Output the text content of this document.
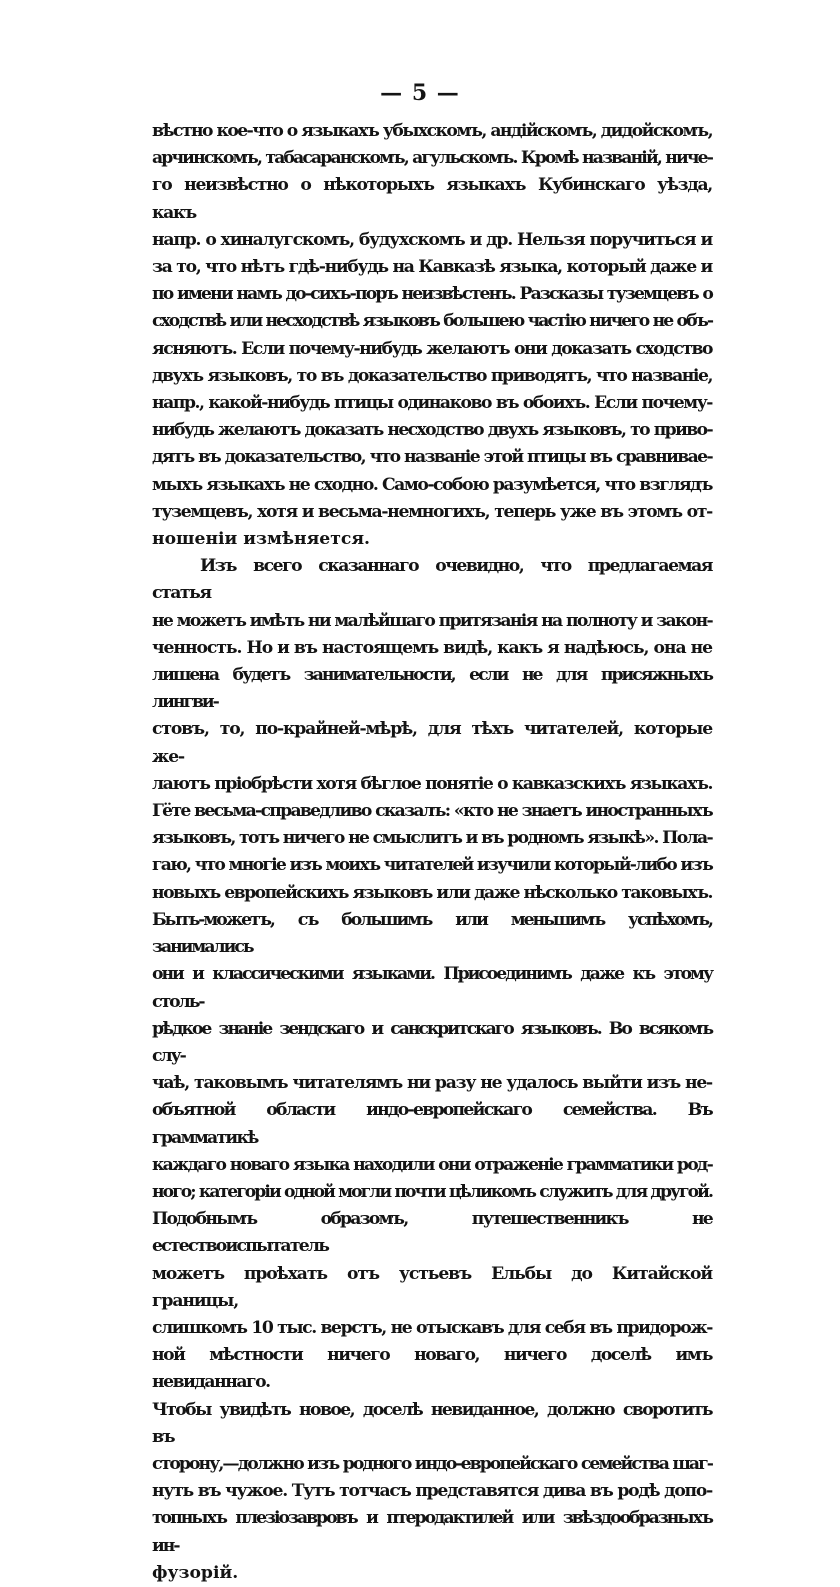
— 5 —

вѣстно кое-что о языкахъ убыхскомъ, андійскомъ, дидойскомъ,
арчинскомъ, табасаранскомъ, агульскомъ. Кромѣ названій, ниче-
го неизвѣстно о нѣкоторыхъ языкахъ Кубинскаго уѣзда, какъ
напр. о хиналугскомъ, будухскомъ и др. Нельзя поручиться и
за то, что нѣтъ гдѣ-нибудь на Кавказѣ языка, который даже и
по имени намъ до-сихъ-поръ неизвѣстенъ. Разсказы туземцевъ о
сходствѣ или несходствѣ языковъ большею частію ничего не объ-
ясняютъ. Если почему-нибудь желаютъ они доказать сходство
двухъ языковъ, то въ доказательство приводятъ, что названіе,
напр., какой-нибудь птицы одинаково въ обоихъ. Если почему-
нибудь желаютъ доказать несходство двухъ языковъ, то приво-
дятъ въ доказательство, что названіе этой птицы въ сравнивае-
мыхъ языкахъ не сходно. Само-собою разумѣется, что взглядъ
туземцевъ, хотя и весьма-немногихъ, теперь уже въ этомъ от-
ношеніи измѣняется.

Изъ всего сказаннаго очевидно, что предлагаемая статья
не можетъ имѣть ни малѣйшаго притязанія на полноту и закон-
ченность. Но и въ настоящемъ видѣ, какъ я надѣюсь, она не
лишена будетъ занимательности, если не для присяжныхъ лингви-
стовъ, то, по-крайней-мѣрѣ, для тѣхъ читателей, которые же-
лаютъ пріобрѣсти хотя бѣглое понятіе о кавказскихъ языкахъ.
Гёте весьма-справедливо сказалъ: «кто не знаетъ иностранныхъ
языковъ, тотъ ничего не смыслитъ и въ родномъ языкѣ». Пола-
гаю, что многіе изъ моихъ читателей изучили который-либо изъ
новыхъ европейскихъ языковъ или даже нѣсколько таковыхъ.
Быть-можетъ, съ большимъ или меньшимъ успѣхомъ, занимались
они и классическими языками. Присоединимъ даже къ этому столь-
рѣдкое знаніе зендскаго и санскритскаго языковъ. Во всякомъ слу-
чаѣ, таковымъ читателямъ ни разу не удалось выйти изъ не-
объятной области индо-европейскаго семейства. Въ грамматикѣ
каждаго новаго языка находили они отраженіе грамматики род-
ного; категоріи одной могли почти цѣликомъ служить для другой.
Подобнымъ образомъ, путешественникъ не естествоиспытатель
можетъ проѣхать отъ устьевъ Ельбы до Китайской границы,
слишкомъ 10 тыс. верстъ, не отыскавъ для себя въ придорож-
ной мѣстности ничего новаго, ничего доселѣ имъ невиданнаго.
Чтобы увидѣть новое, доселѣ невиданное, должно своротить въ
сторону,—должно изъ родного индо-европейскаго семейства шаг-
нуть въ чужое. Тутъ тотчасъ представятся дива въ родѣ допо-
топныхъ плезіозавровъ и птеродактилей или звѣздообразныхъ ин-
фузорій.
